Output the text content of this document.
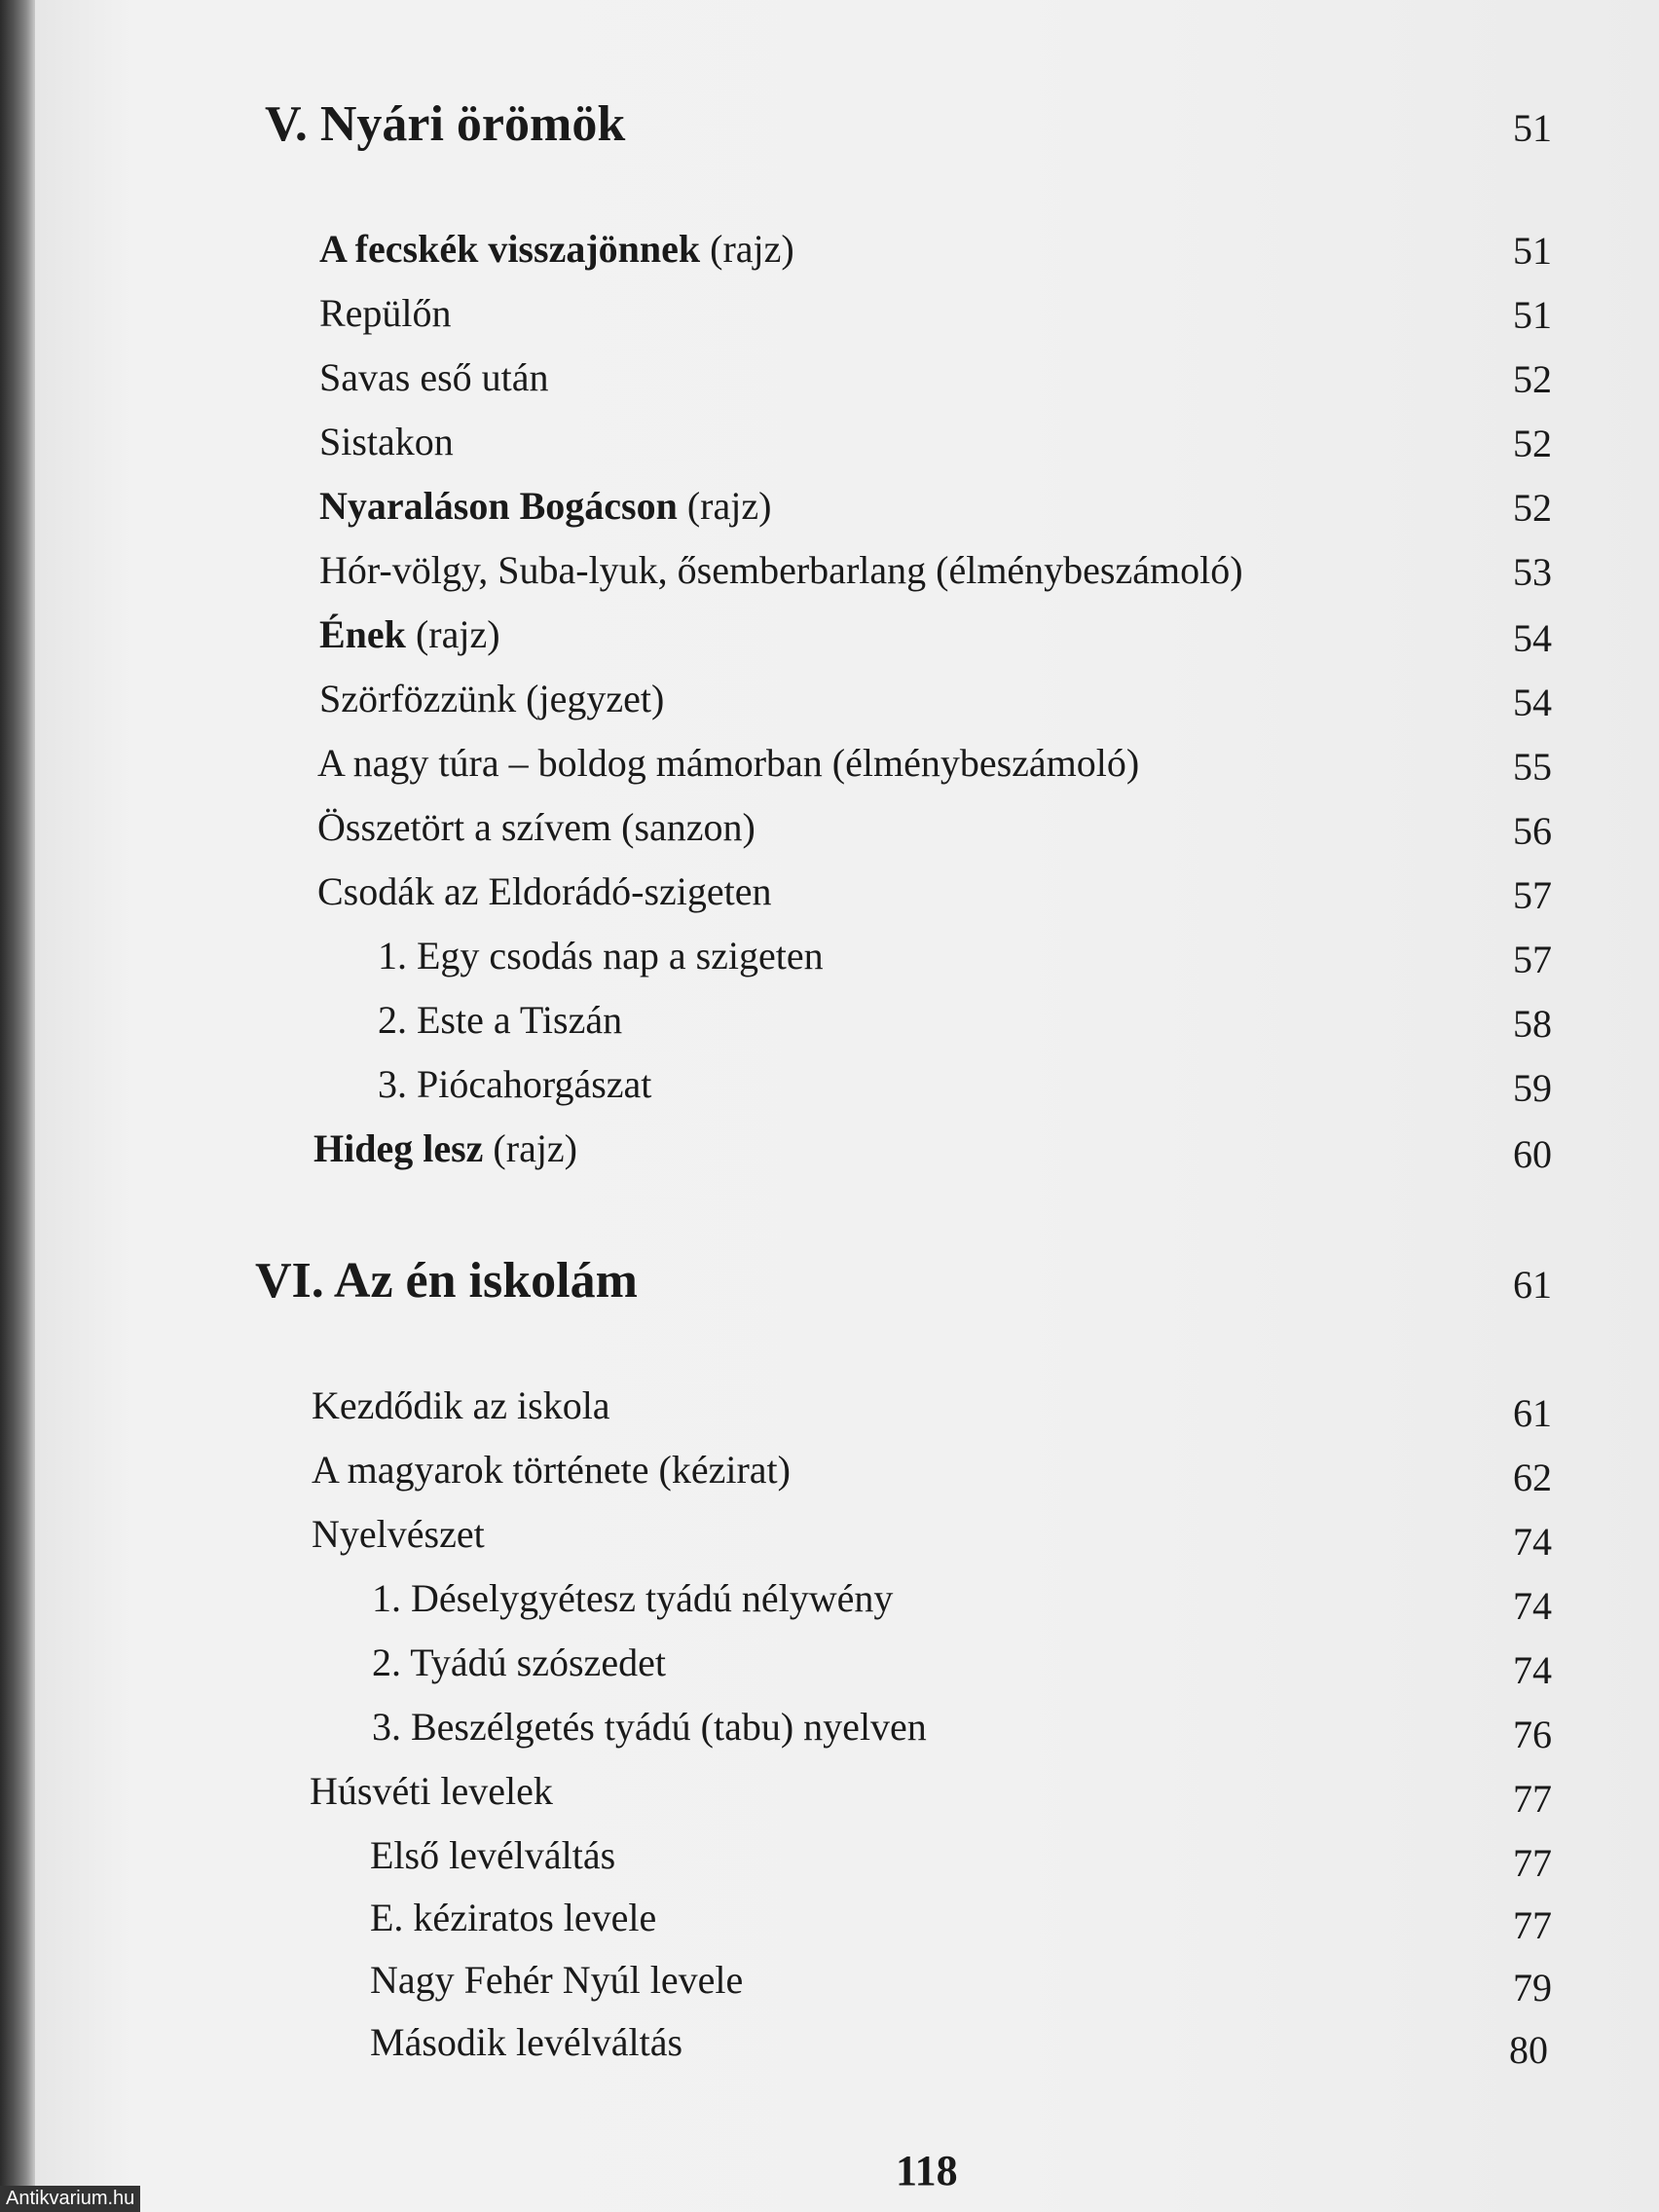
V. Nyári örömök	51
A fecskék visszajönnek (rajz)	51
Repülőn	51
Savas eső után	52
Sistakon	52
Nyaraláson Bogácson (rajz)	52
Hór-völgy, Suba-lyuk, ősemberbarlang (élménybeszámoló)	53
Ének (rajz)	54
Szörfözzünk (jegyzet)	54
A nagy túra – boldog mámorban (élménybeszámoló)	55
Összetört a szívem (sanzon)	56
Csodák az Eldorádó-szigeten	57
1. Egy csodás nap a szigeten	57
2. Este a Tiszán	58
3. Piócahorgászat	59
Hideg lesz (rajz)	60
VI. Az én iskolám	61
Kezdődik az iskola	61
A magyarok története (kézirat)	62
Nyelvészet	74
1. Déselygyétesz tyádú nélywény	74
2. Tyádú szószedet	74
3. Beszélgetés tyádú (tabu) nyelven	76
Húsvéti levelek	77
Első levélváltás	77
E. kéziratos levele	77
Nagy Fehér Nyúl levele	79
Második levélváltás	80
118
Antikvarium.hu
